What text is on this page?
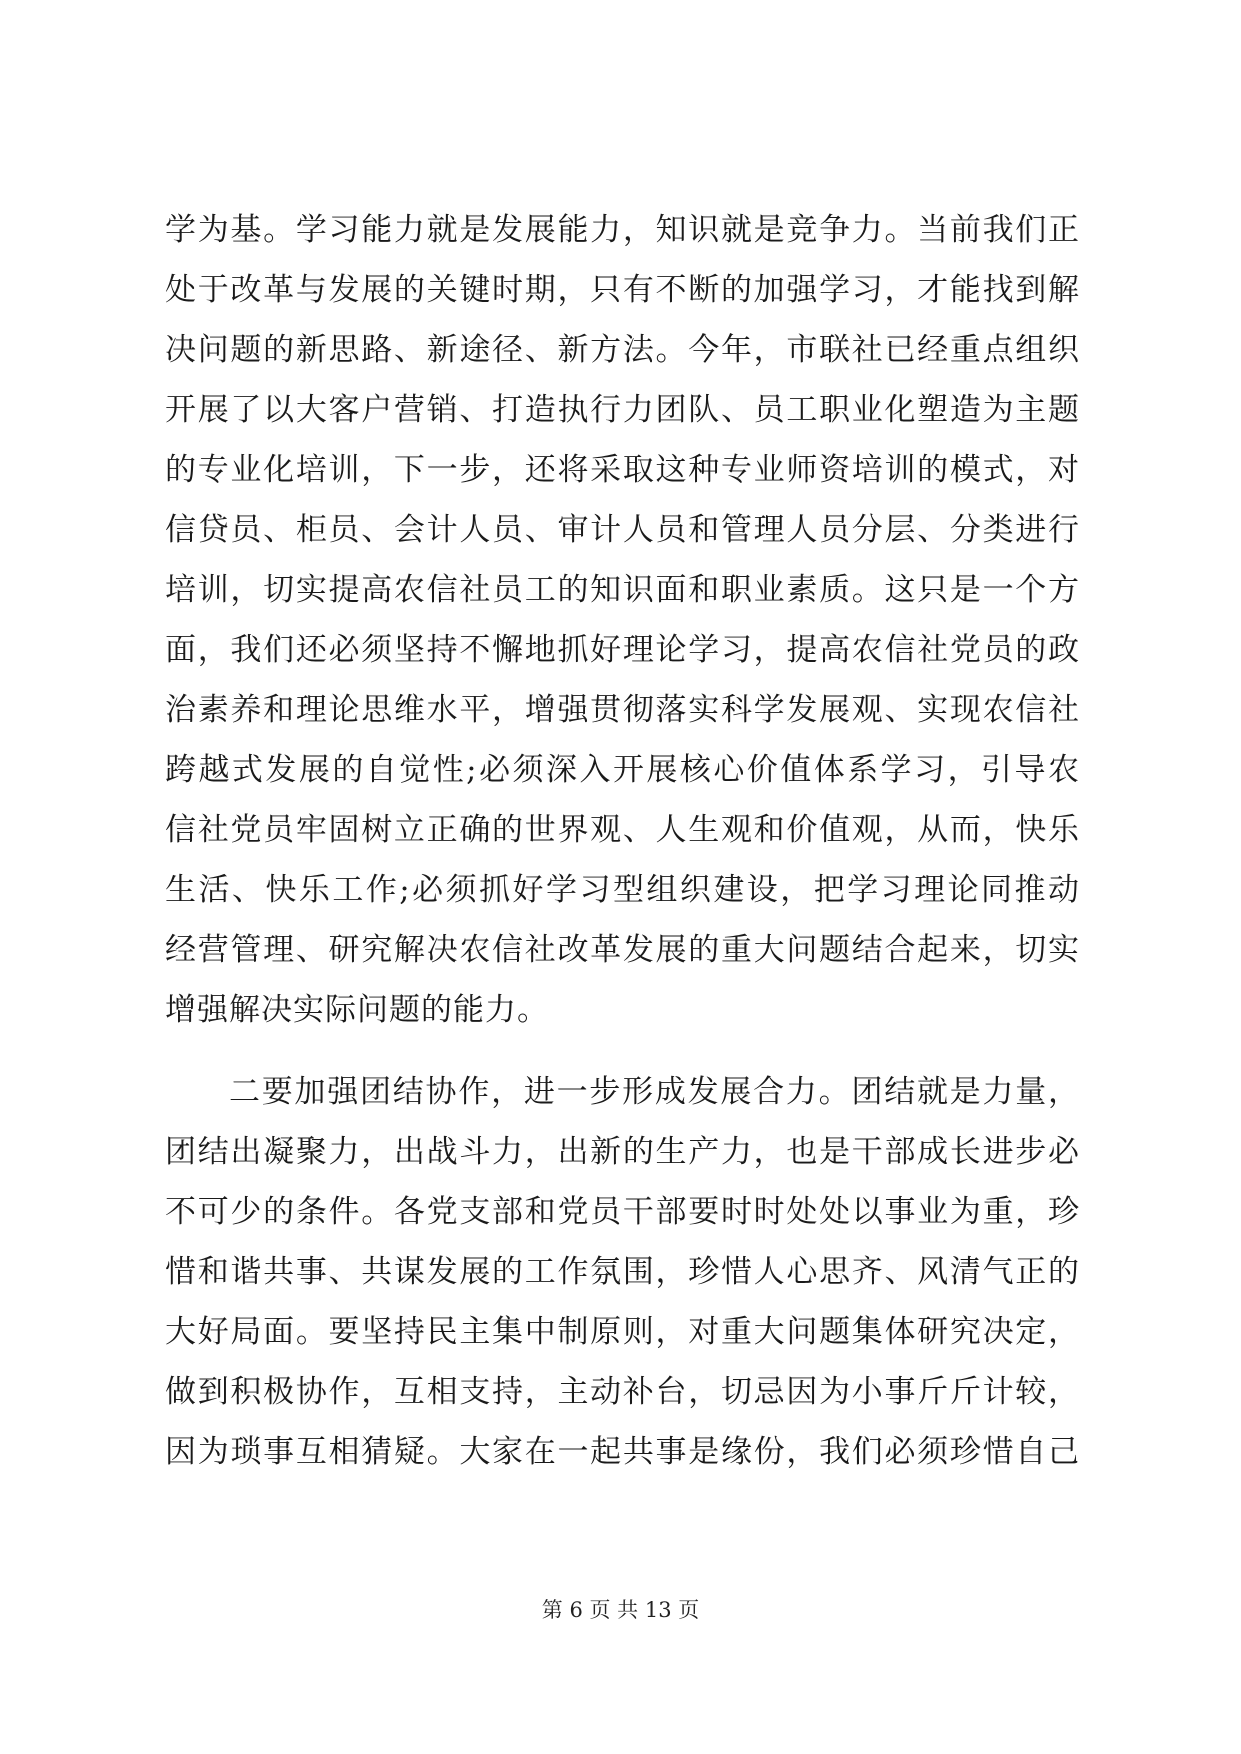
学为基。学习能力就是发展能力，知识就是竞争力。当前我们正
处于改革与发展的关键时期，只有不断的加强学习，才能找到解
决问题的新思路、新途径、新方法。今年，市联社已经重点组织
开展了以大客户营销、打造执行力团队、员工职业化塑造为主题
的专业化培训，下一步，还将采取这种专业师资培训的模式，对
信贷员、柜员、会计人员、审计人员和管理人员分层、分类进行
培训，切实提高农信社员工的知识面和职业素质。这只是一个方
面，我们还必须坚持不懈地抓好理论学习，提高农信社党员的政
治素养和理论思维水平，增强贯彻落实科学发展观、实现农信社
跨越式发展的自觉性;必须深入开展核心价值体系学习，引导农
信社党员牢固树立正确的世界观、人生观和价值观，从而，快乐
生活、快乐工作;必须抓好学习型组织建设，把学习理论同推动
经营管理、研究解决农信社改革发展的重大问题结合起来，切实
增强解决实际问题的能力。
二要加强团结协作，进一步形成发展合力。团结就是力量，
团结出凝聚力，出战斗力，出新的生产力，也是干部成长进步必
不可少的条件。各党支部和党员干部要时时处处以事业为重，珍
惜和谐共事、共谋发展的工作氛围，珍惜人心思齐、风清气正的
大好局面。要坚持民主集中制原则，对重大问题集体研究决定，
做到积极协作，互相支持，主动补台，切忌因为小事斤斤计较，
因为琐事互相猜疑。大家在一起共事是缘份，我们必须珍惜自己
第 6 页 共 13 页
